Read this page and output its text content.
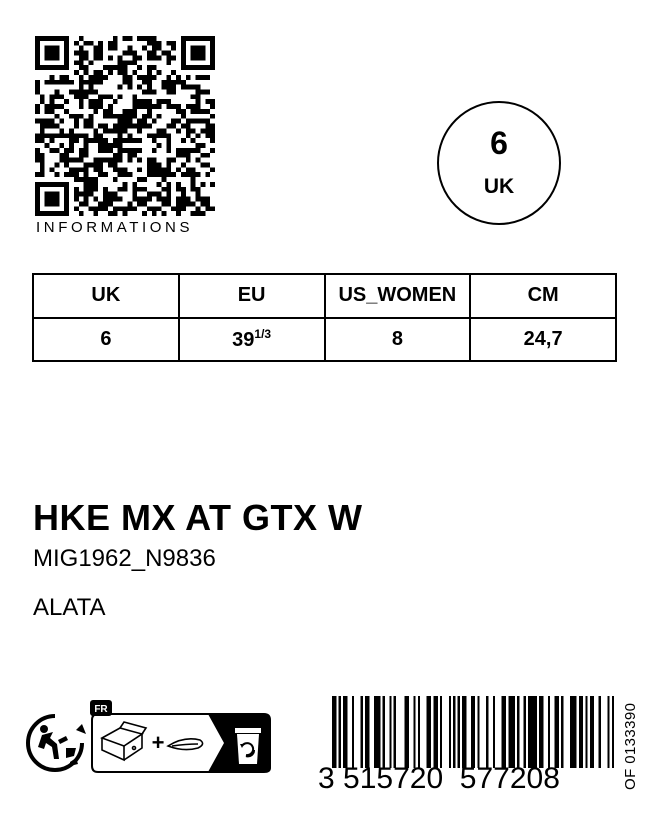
INFORMATIONS
6
UK
UK	EU	US_WOMEN	CM
6	$39^{1/3}$	8	24,7
HKE MX AT GTX W
MIG1962_N9836
ALATA
FR
+
3 515720  577208	OF 0133390
